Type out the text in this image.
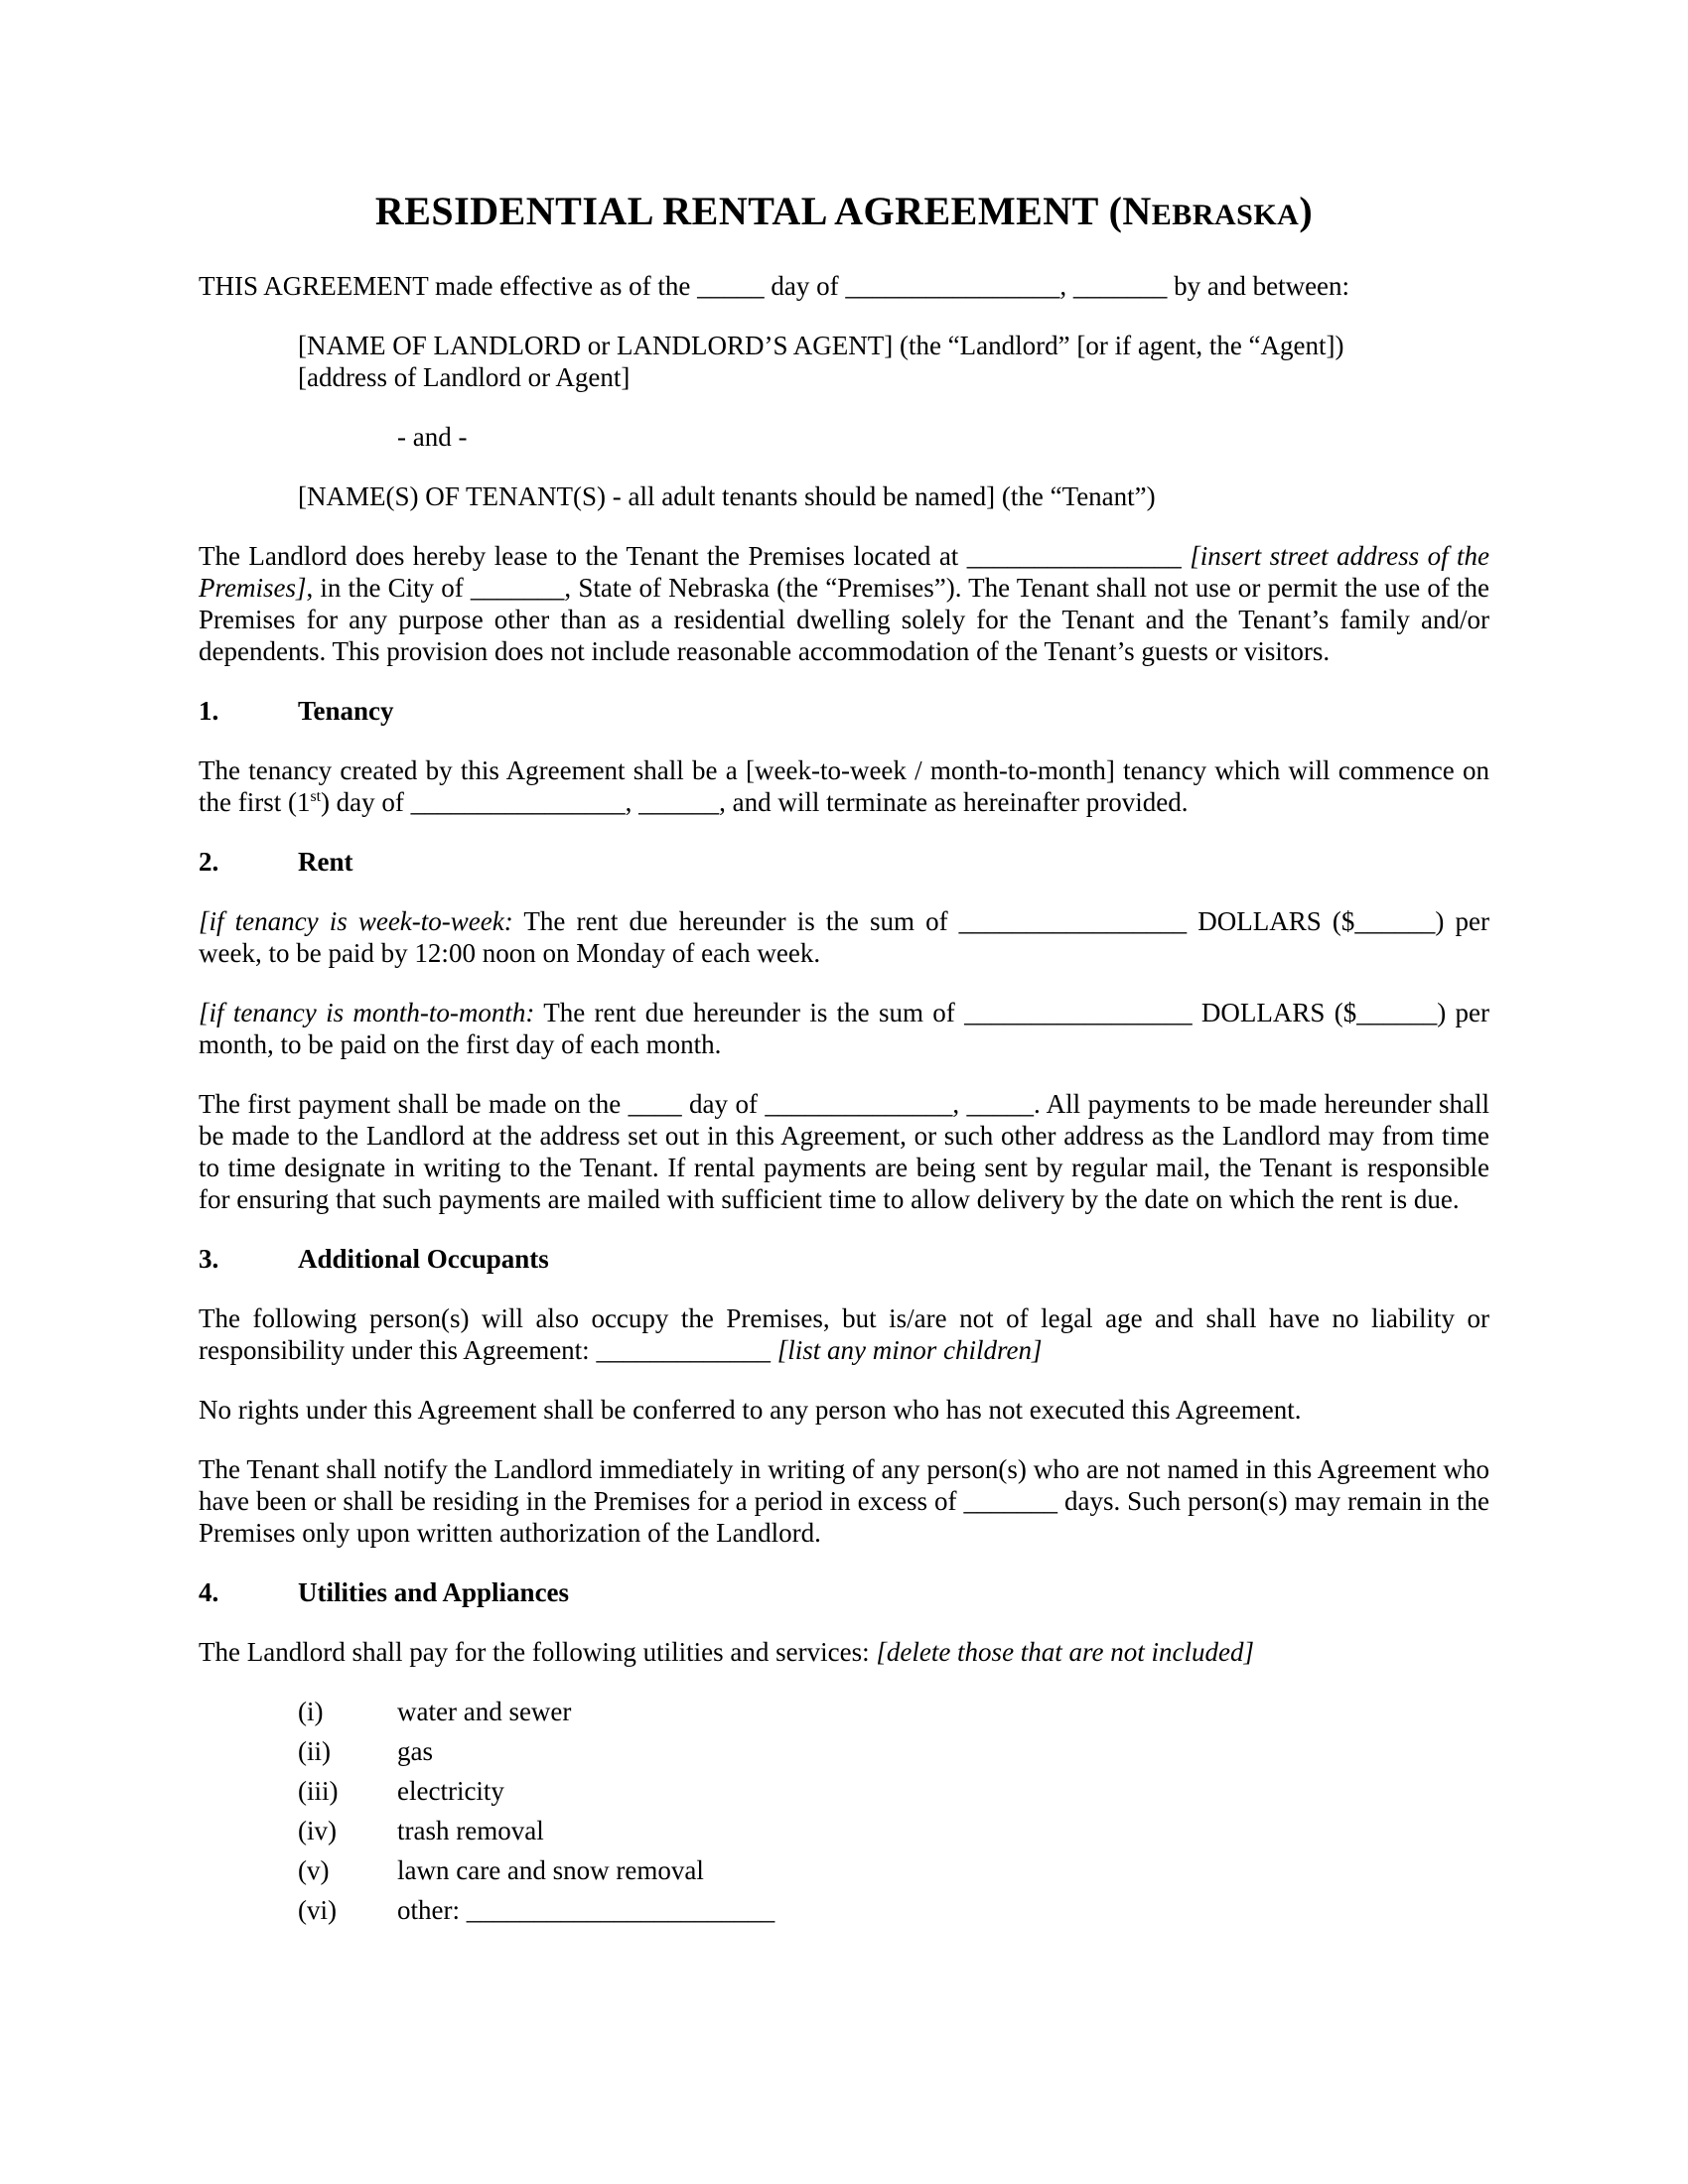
RESIDENTIAL RENTAL AGREEMENT (NEBRASKA)

THIS AGREEMENT made effective as of the _____ day of ________________, _______ by and between:

[NAME OF LANDLORD or LANDLORD’S AGENT] (the “Landlord” [or if agent, the “Agent])
[address of Landlord or Agent]

- and -

[NAME(S) OF TENANT(S) - all adult tenants should be named] (the “Tenant”)

The Landlord does hereby lease to the Tenant the Premises located at ________________ [insert street address of the Premises], in the City of _______, State of Nebraska (the “Premises”). The Tenant shall not use or permit the use of the Premises for any purpose other than as a residential dwelling solely for the Tenant and the Tenant’s family and/or dependents. This provision does not include reasonable accommodation of the Tenant’s guests or visitors.

1.	Tenancy

The tenancy created by this Agreement shall be a [week-to-week / month-to-month] tenancy which will commence on the first (1st) day of ________________, ______, and will terminate as hereinafter provided.

2.	Rent

[if tenancy is week-to-week: The rent due hereunder is the sum of _________________ DOLLARS ($______) per week, to be paid by 12:00 noon on Monday of each week.

[if tenancy is month-to-month: The rent due hereunder is the sum of _________________ DOLLARS ($______) per month, to be paid on the first day of each month.

The first payment shall be made on the ____ day of ______________, _____. All payments to be made hereunder shall be made to the Landlord at the address set out in this Agreement, or such other address as the Landlord may from time to time designate in writing to the Tenant. If rental payments are being sent by regular mail, the Tenant is responsible for ensuring that such payments are mailed with sufficient time to allow delivery by the date on which the rent is due.

3.	Additional Occupants

The following person(s) will also occupy the Premises, but is/are not of legal age and shall have no liability or responsibility under this Agreement: _____________ [list any minor children]

No rights under this Agreement shall be conferred to any person who has not executed this Agreement.

The Tenant shall notify the Landlord immediately in writing of any person(s) who are not named in this Agreement who have been or shall be residing in the Premises for a period in excess of _______ days. Such person(s) may remain in the Premises only upon written authorization of the Landlord.

4.	Utilities and Appliances

The Landlord shall pay for the following utilities and services: [delete those that are not included]

(i)	water and sewer
(ii) gas
(iii) electricity
(iv) trash removal
(v)	lawn care and snow removal
(vi) other: _______________________
